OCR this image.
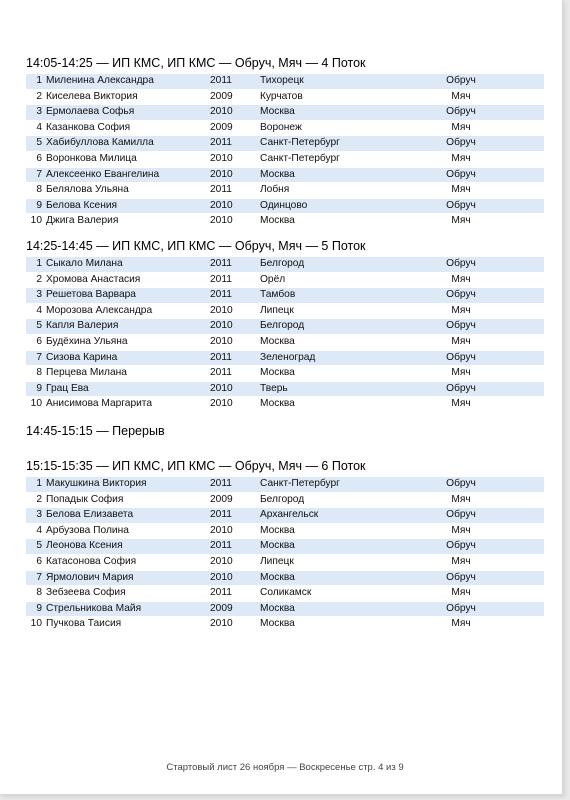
14:05-14:25 — ИП КМС, ИП КМС — Обруч, Мяч — 4 Поток
1	Миленина Александра	2011	Тихорецк	Обруч
2	Киселева Виктория	2009	Курчатов	Мяч
3	Ермолаева Софья	2010	Москва	Обруч
4	Казанкова София	2009	Воронеж	Мяч
5	Хабибуллова Камилла	2011	Санкт-Петербург	Обруч
6	Воронкова Милица	2010	Санкт-Петербург	Мяч
7	Алексеенко Евангелина	2010	Москва	Обруч
8	Белялова Ульяна	2011	Лобня	Мяч
9	Белова Ксения	2010	Одинцово	Обруч
10	Джига Валерия	2010	Москва	Мяч
14:25-14:45 — ИП КМС, ИП КМС — Обруч, Мяч — 5 Поток
1	Сыкало Милана	2011	Белгород	Обруч
2	Хромова Анастасия	2011	Орёл	Мяч
3	Решетова Варвара	2011	Тамбов	Обруч
4	Морозова Александра	2010	Липецк	Мяч
5	Капля Валерия	2010	Белгород	Обруч
6	Будёхина Ульяна	2010	Москва	Мяч
7	Сизова Карина	2011	Зеленоград	Обруч
8	Перцева Милана	2011	Москва	Мяч
9	Грац Ева	2010	Тверь	Обруч
10	Анисимова Маргарита	2010	Москва	Мяч
14:45-15:15 — Перерыв
15:15-15:35 — ИП КМС, ИП КМС — Обруч, Мяч — 6 Поток
1	Макушкина Виктория	2011	Санкт-Петербург	Обруч
2	Попадык София	2009	Белгород	Мяч
3	Белова Елизавета	2011	Архангельск	Обруч
4	Арбузова Полина	2010	Москва	Мяч
5	Леонова Ксения	2011	Москва	Обруч
6	Катасонова София	2010	Липецк	Мяч
7	Ярмолович Мария	2010	Москва	Обруч
8	Зебзеева София	2011	Соликамск	Мяч
9	Стрельникова Майя	2009	Москва	Обруч
10	Пучкова Таисия	2010	Москва	Мяч
Стартовый лист 26 ноября — Воскресенье стр. 4 из 9
